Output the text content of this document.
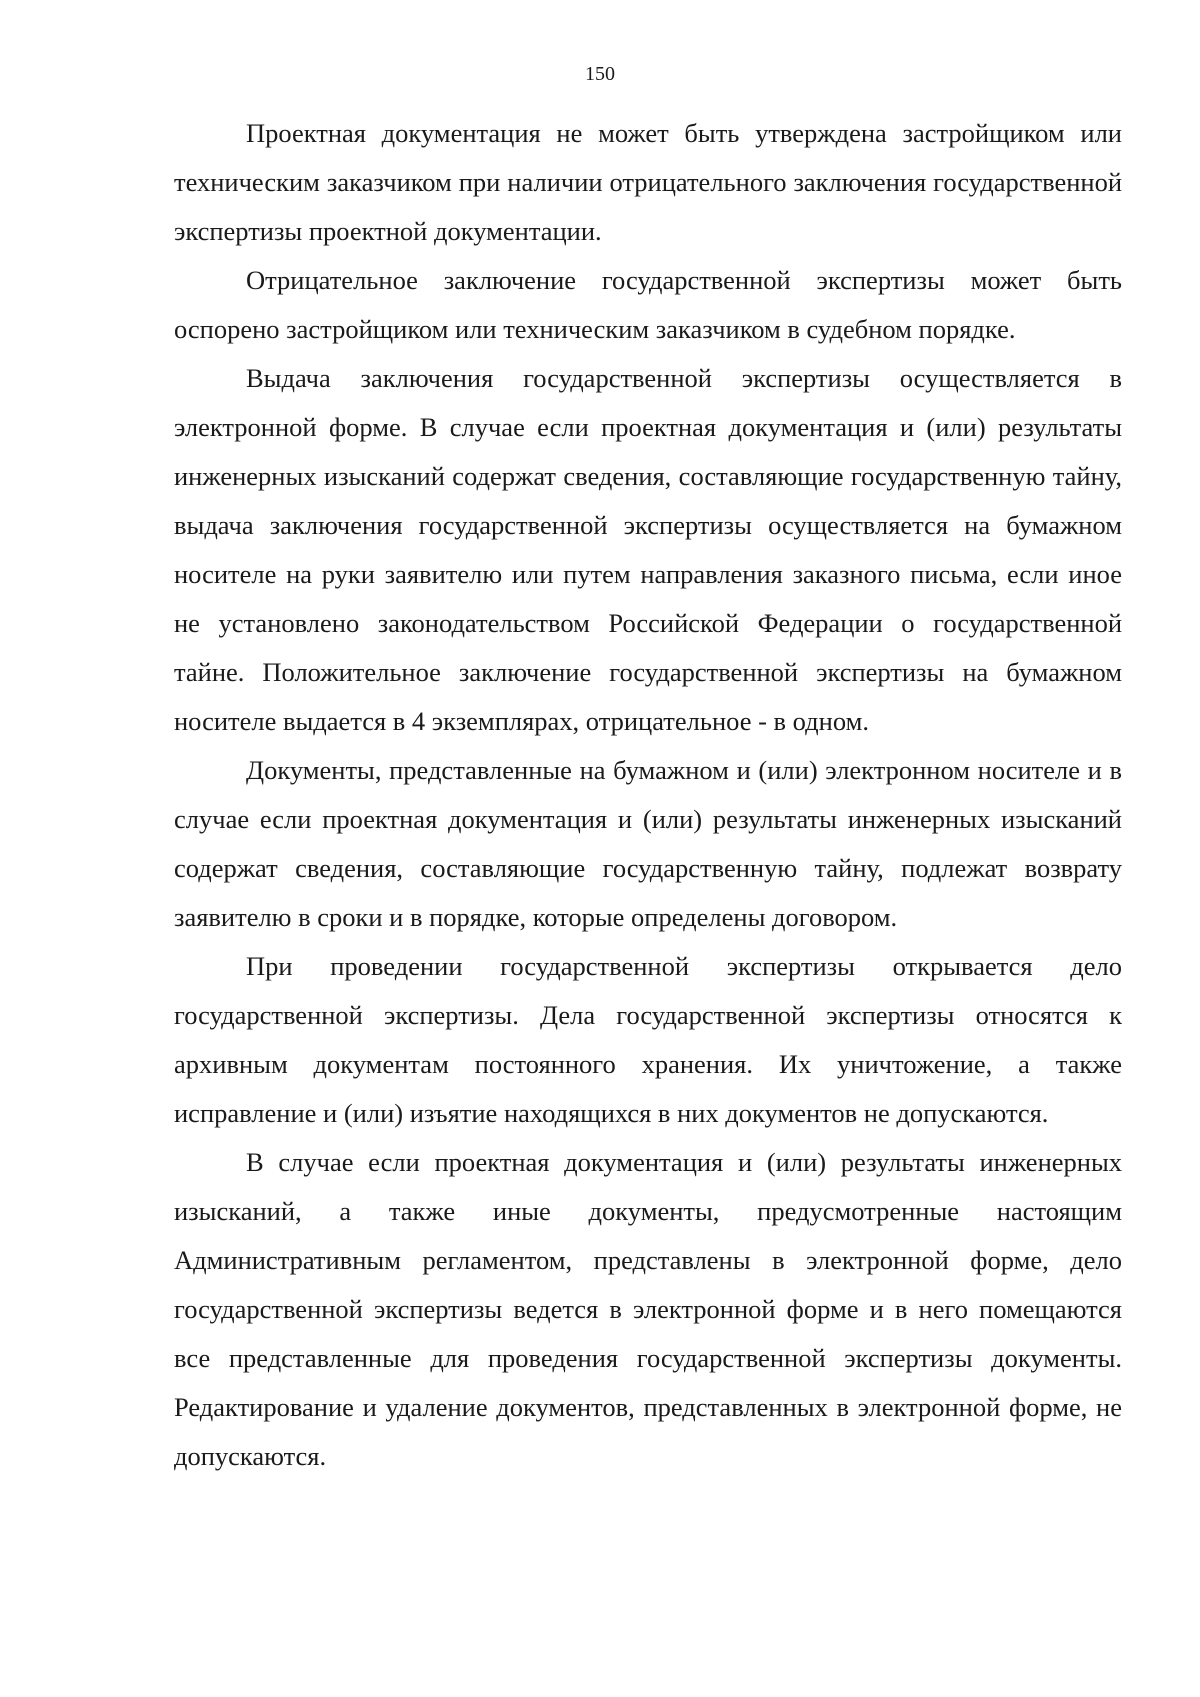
150

Проектная документация не может быть утверждена застройщиком или техническим заказчиком при наличии отрицательного заключения государственной экспертизы проектной документации.

Отрицательное заключение государственной экспертизы может быть оспорено застройщиком или техническим заказчиком в судебном порядке.

Выдача заключения государственной экспертизы осуществляется в электронной форме. В случае если проектная документация и (или) результаты инженерных изысканий содержат сведения, составляющие государственную тайну, выдача заключения государственной экспертизы осуществляется на бумажном носителе на руки заявителю или путем направления заказного письма, если иное не установлено законодательством Российской Федерации о государственной тайне. Положительное заключение государственной экспертизы на бумажном носителе выдается в 4 экземплярах, отрицательное - в одном.

Документы, представленные на бумажном и (или) электронном носителе и в случае если проектная документация и (или) результаты инженерных изысканий содержат сведения, составляющие государственную тайну, подлежат возврату заявителю в сроки и в порядке, которые определены договором.

При проведении государственной экспертизы открывается дело государственной экспертизы. Дела государственной экспертизы относятся к архивным документам постоянного хранения. Их уничтожение, а также исправление и (или) изъятие находящихся в них документов не допускаются.

В случае если проектная документация и (или) результаты инженерных изысканий, а также иные документы, предусмотренные настоящим Административным регламентом, представлены в электронной форме, дело государственной экспертизы ведется в электронной форме и в него помещаются все представленные для проведения государственной экспертизы документы. Редактирование и удаление документов, представленных в электронной форме, не допускаются.
